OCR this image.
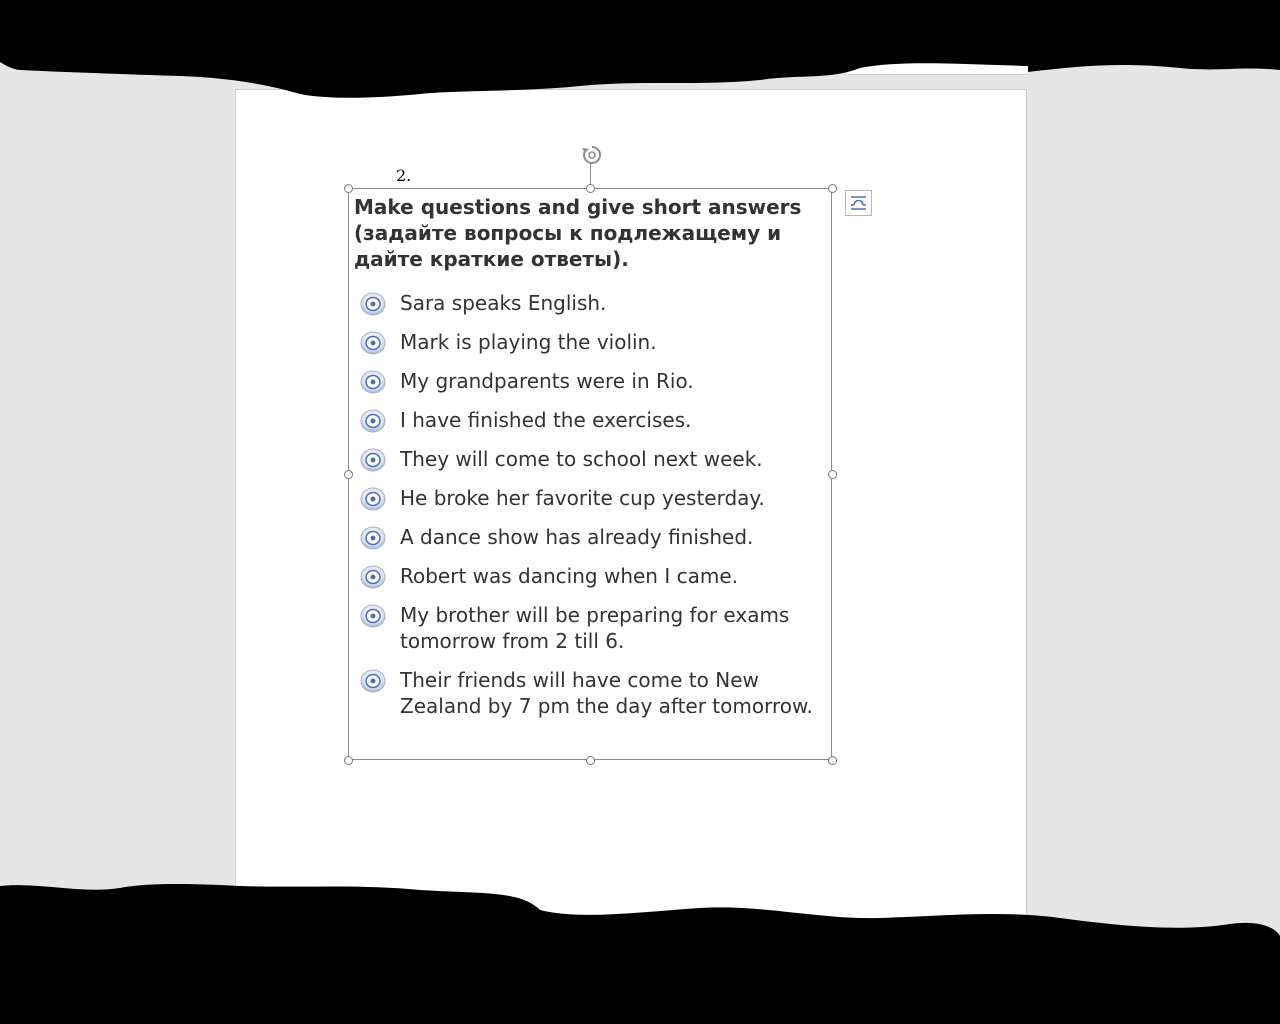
2.

Make questions and give short answers (задайте вопросы к подлежащему и дайте краткие ответы).

Sara speaks English.
Mark is playing the violin.
My grandparents were in Rio.
I have finished the exercises.
They will come to school next week.
He broke her favorite cup yesterday.
A dance show has already finished.
Robert was dancing when I came.
My brother will be preparing for exams tomorrow from 2 till 6.
Their friends will have come to New Zealand by 7 pm the day after tomorrow.
